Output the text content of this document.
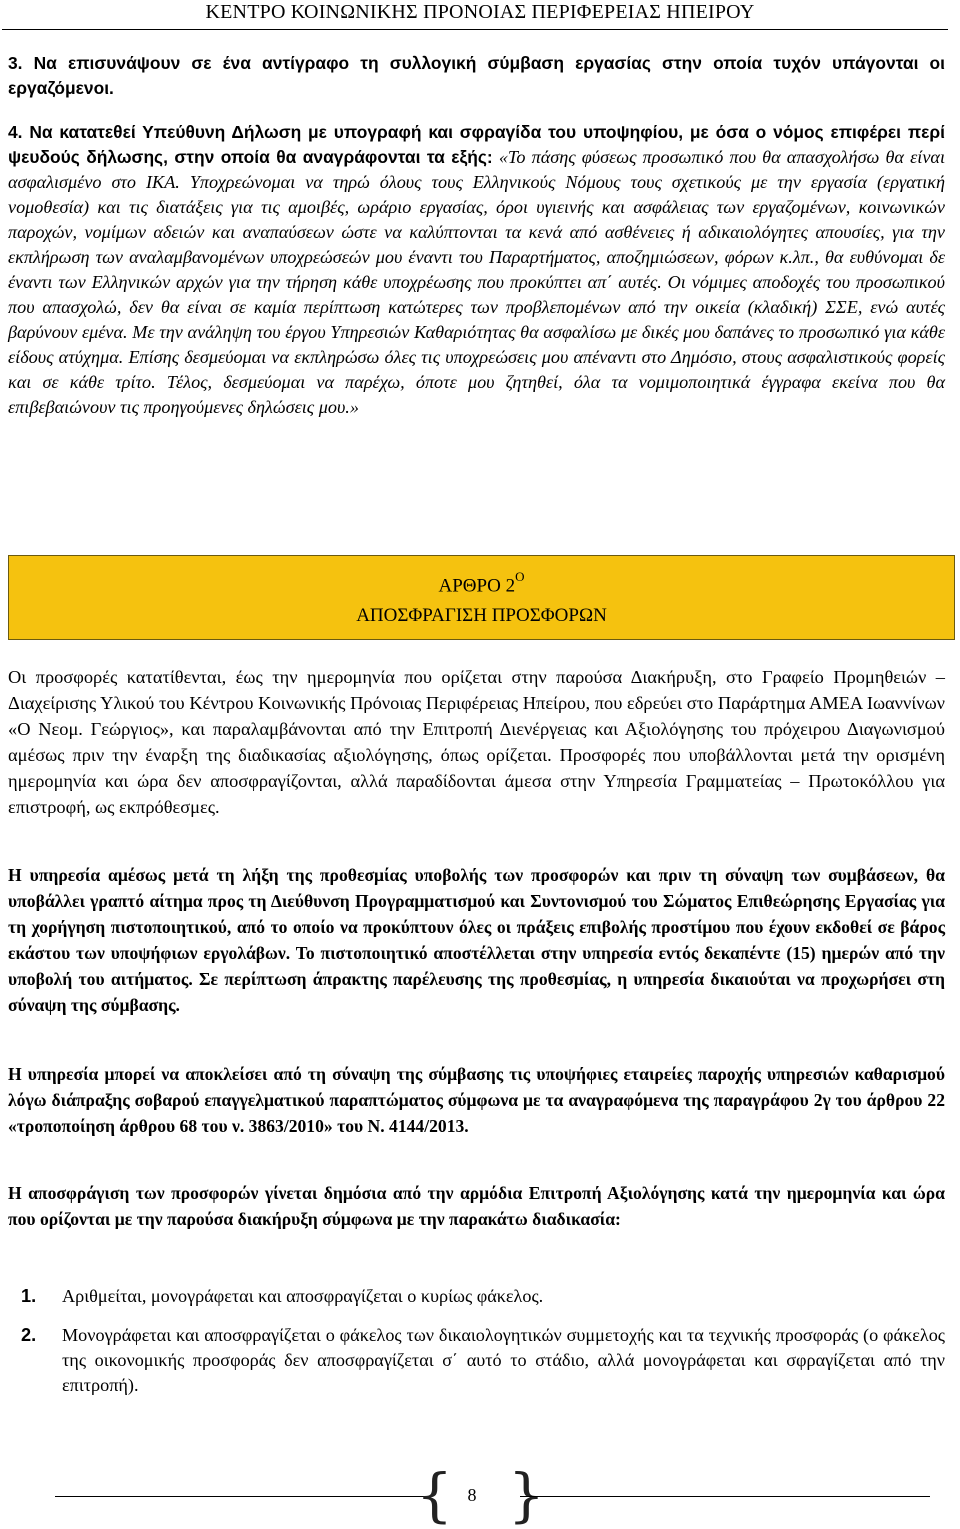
ΚΕΝΤΡΟ ΚΟΙΝΩΝΙΚΗΣ ΠΡΟΝΟΙΑΣ ΠΕΡΙΦΕΡΕΙΑΣ ΗΠΕΙΡΟΥ
3. Να επισυνάψουν σε ένα αντίγραφο τη συλλογική σύμβαση εργασίας στην οποία τυχόν υπάγονται οι εργαζόμενοι.
4. Να κατατεθεί Υπεύθυνη Δήλωση με υπογραφή και σφραγίδα του υποψηφίου, με όσα ο νόμος επιφέρει περί ψευδούς δήλωσης, στην οποία θα αναγράφονται τα εξής: «Το πάσης φύσεως προσωπικό που θα απασχολήσω θα είναι ασφαλισμένο στο ΙΚΑ. Υποχρεώνομαι να τηρώ όλους τους Ελληνικούς Νόμους τους σχετικούς με την εργασία (εργατική νομοθεσία) και τις διατάξεις για τις αμοιβές, ωράριο εργασίας, όροι υγιεινής και ασφάλειας των εργαζομένων, κοινωνικών παροχών, νομίμων αδειών και αναπαύσεων ώστε να καλύπτονται τα κενά από ασθένειες ή αδικαιολόγητες απουσίες, για την εκπλήρωση των αναλαμβανομένων υποχρεώσεών μου έναντι του Παραρτήματος, αποζημιώσεων, φόρων κ.λπ., θα ευθύνομαι δε έναντι των Ελληνικών αρχών για την τήρηση κάθε υποχρέωσης που προκύπτει απ΄ αυτές. Οι νόμιμες αποδοχές του προσωπικού που απασχολώ, δεν θα είναι σε καμία περίπτωση κατώτερες των προβλεπομένων από την οικεία (κλαδική) ΣΣΕ, ενώ αυτές βαρύνουν εμένα. Με την ανάληψη του έργου Υπηρεσιών Καθαριότητας θα ασφαλίσω με δικές μου δαπάνες το προσωπικό για κάθε είδους ατύχημα. Επίσης δεσμεύομαι να εκπληρώσω όλες τις υποχρεώσεις μου απέναντι στο Δημόσιο, στους ασφαλιστικούς φορείς και σε κάθε τρίτο. Τέλος, δεσμεύομαι να παρέχω, όποτε μου ζητηθεί, όλα τα νομιμοποιητικά έγγραφα εκείνα που θα επιβεβαιώνουν τις προηγούμενες δηλώσεις μου.»
ΑΡΘΡΟ $2^O$
ΑΠΟΣΦΡΑΓΙΣΗ ΠΡΟΣΦΟΡΩΝ
Οι προσφορές κατατίθενται, έως την ημερομηνία που ορίζεται στην παρούσα Διακήρυξη, στο Γραφείο Προμηθειών – Διαχείρισης Υλικού του Κέντρου Κοινωνικής Πρόνοιας Περιφέρειας Ηπείρου, που εδρεύει στο Παράρτημα ΑΜΕΑ Ιωαννίνων «Ο Νεομ. Γεώργιος», και παραλαμβάνονται από την Επιτροπή Διενέργειας και Αξιολόγησης του πρόχειρου Διαγωνισμού αμέσως πριν την έναρξη της διαδικασίας αξιολόγησης, όπως ορίζεται. Προσφορές που υποβάλλονται μετά την ορισμένη ημερομηνία και ώρα δεν αποσφραγίζονται, αλλά παραδίδονται άμεσα στην Υπηρεσία Γραμματείας – Πρωτοκόλλου για επιστροφή, ως εκπρόθεσμες.
Η υπηρεσία αμέσως μετά τη λήξη της προθεσμίας υποβολής των προσφορών και πριν τη σύναψη των συμβάσεων, θα υποβάλλει γραπτό αίτημα προς τη Διεύθυνση Προγραμματισμού και Συντονισμού του Σώματος Επιθεώρησης Εργασίας για τη χορήγηση πιστοποιητικού, από το οποίο να προκύπτουν όλες οι πράξεις επιβολής προστίμου που έχουν εκδοθεί σε βάρος εκάστου των υποψήφιων εργολάβων. Το πιστοποιητικό αποστέλλεται στην υπηρεσία εντός δεκαπέντε (15) ημερών από την υποβολή του αιτήματος. Σε περίπτωση άπρακτης παρέλευσης της προθεσμίας, η υπηρεσία δικαιούται να προχωρήσει στη σύναψη της σύμβασης.
Η υπηρεσία μπορεί να αποκλείσει από τη σύναψη της σύμβασης τις υποψήφιες εταιρείες παροχής υπηρεσιών καθαρισμού λόγω διάπραξης σοβαρού επαγγελματικού παραπτώματος σύμφωνα με τα αναγραφόμενα της παραγράφου 2γ του άρθρου 22 «τροποποίηση άρθρου 68 του ν. 3863/2010» του Ν. 4144/2013.
Η αποσφράγιση των προσφορών γίνεται δημόσια από την αρμόδια Επιτροπή Αξιολόγησης κατά την ημερομηνία και ώρα που ορίζονται με την παρούσα διακήρυξη σύμφωνα με την παρακάτω διαδικασία:
1. Αριθμείται, μονογράφεται και αποσφραγίζεται ο κυρίως φάκελος.
2. Μονογράφεται και αποσφραγίζεται ο φάκελος των δικαιολογητικών συμμετοχής και τα τεχνικής προσφοράς (ο φάκελος της οικονομικής προσφοράς δεν αποσφραγίζεται σ΄ αυτό το στάδιο, αλλά μονογράφεται και σφραγίζεται από την επιτροπή).
{ 8 }
